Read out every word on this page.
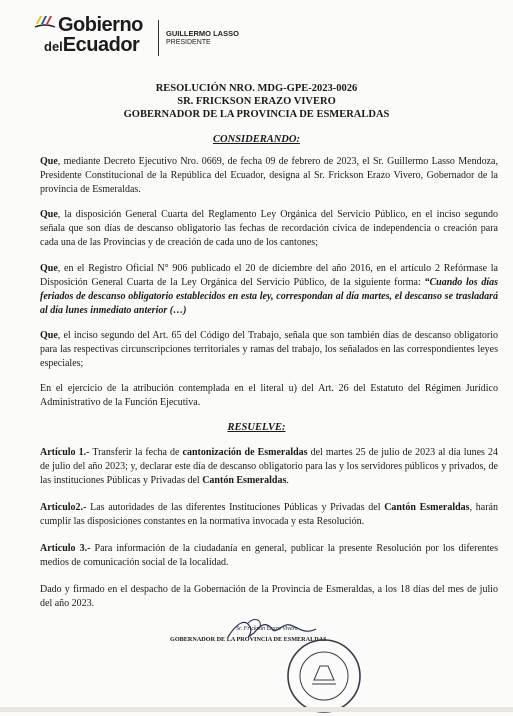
Gobierno
delEcuador
GUILLERMO LASSO
PRESIDENTE
RESOLUCIÓN NRO. MDG-GPE-2023-0026
SR. FRICKSON ERAZO VIVERO
GOBERNADOR DE LA PROVINCIA DE ESMERALDAS
CONSIDERANDO:
Que, mediante Decreto Ejecutivo Nro. 0669, de fecha 09 de febrero de 2023, el Sr. Guillermo Lasso Mendoza, Presidente Constitucional de la República del Ecuador, designa al Sr. Frickson Erazo Vivero, Gobernador de la provincia de Esmeraldas.
Que, la disposición General Cuarta del Reglamento Ley Orgánica del Servicio Público, en el inciso segundo señala que son días de descanso obligatorio las fechas de recordación cívica de independencia o creación para cada una de las Provincias y de creación de cada uno de los cantones;
Que, en el Registro Oficial N° 906 publicado el 20 de diciembre del año 2016, en el artículo 2 Refórmase la Disposición General Cuarta de la Ley Orgánica del Servicio Público, de la siguiente forma: “Cuando los días feriados de descanso obligatorio establecidos en esta ley, correspondan al día martes, el descanso se trasladará al día lunes inmediato anterior (…)
Que, el inciso segundo del Art. 65 del Código del Trabajo, señala que son también días de descanso obligatorio para las respectivas circunscripciones territoriales y ramas del trabajo, los señalados en las correspondientes leyes especiales;
En el ejercicio de la atribución contemplada en el literal u) del Art. 26 del Estatuto del Régimen Jurídico Administrativo de la Función Ejecutiva.
RESUELVE:
Artículo 1.- Transferir la fecha de cantonización de Esmeraldas del martes 25 de julio de 2023 al día lunes 24 de julio del año 2023; y, declarar este día de descanso obligatorio para las y los servidores públicos y privados, de las instituciones Públicas y Privadas del Cantón Esmeraldas.
Articulo2.- Las autoridades de las diferentes Instituciones Públicas y Privadas del Cantón Esmeraldas, harán cumplir las disposiciones constantes en la normativa invocada y esta Resolución.
Articulo 3.- Para información de la ciudadanía en general, publicar la presente Resolución por los diferentes medios de comunicación social de la localidad.
Dado y firmado en el despacho de la Gobernación de la Provincia de Esmeraldas, a los 18 días del mes de julio del año 2023.
Sr. Frickson Erazo Vivero
GOBERNADOR DE LA PROVINCIA DE ESMERALDAS
